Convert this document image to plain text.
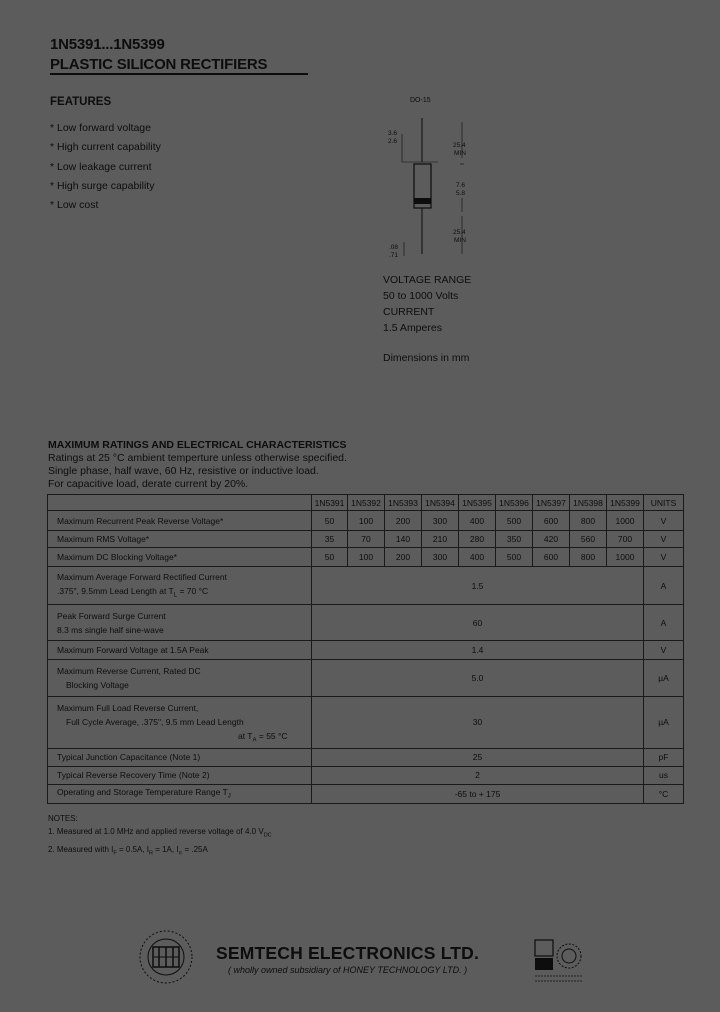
1N5391...1N5399
PLASTIC SILICON RECTIFIERS
FEATURES
* Low forward voltage
* High current capability
* Low leakage current
* High surge capability
* Low cost
DO-15
3.6
2.6
25.4
MIN
7.6
5.8
25.4
MIN
.08
.71
VOLTAGE RANGE
50 to 1000 Volts
CURRENT
1.5 Amperes
Dimensions in mm
MAXIMUM RATINGS AND ELECTRICAL CHARACTERISTICS
Ratings at 25 °C ambient temperture unless otherwise specified.
Single phase, half wave, 60 Hz, resistive or inductive load.
For capacitive load, derate current by 20%.
	1N5391	1N5392	1N5393	1N5394	1N5395	1N5396	1N5397	1N5398	1N5399	UNITS
Maximum Recurrent Peak Reverse Voltage*	50	100	200	300	400	500	600	800	1000	V
Maximum RMS Voltage*	35	70	140	210	280	350	420	560	700	V
Maximum DC Blocking Voltage*	50	100	200	300	400	500	600	800	1000	V

Maximum Average Forward Rectified Current
.375", 9.5mm Lead Length at $T_L = 70$ °C	1.5									A

Peak Forward Surge Current
8.3 ms single half sine-wave	60									A
Maximum Forward Voltage at 1.5A Peak	1.4									V

Maximum Reverse Current, Rated DC
Blocking Voltage	5.0									µA

Maximum Full Load Reverse Current,
Full Cycle Average, .375", 9.5 mm Lead Length
at $T_A = 55$ °C	30									µA
Typical Junction Capacitance (Note 1)	25									pF
Typical Reverse Recovery Time (Note 2)	2									us
Operating and Storage Temperature Range $T_J$	-65 to + 175									°C
NOTES:
1. Measured at 1.0 MHz and applied reverse voltage of 4.0 $V_{DC}$
2. Measured with $I_F = 0.5A$, $I_R = 1A$, $I_{rr} = .25A$
SEMTECH ELECTRONICS LTD.
( wholly owned subsidiary of HONEY TECHNOLOGY LTD. )
